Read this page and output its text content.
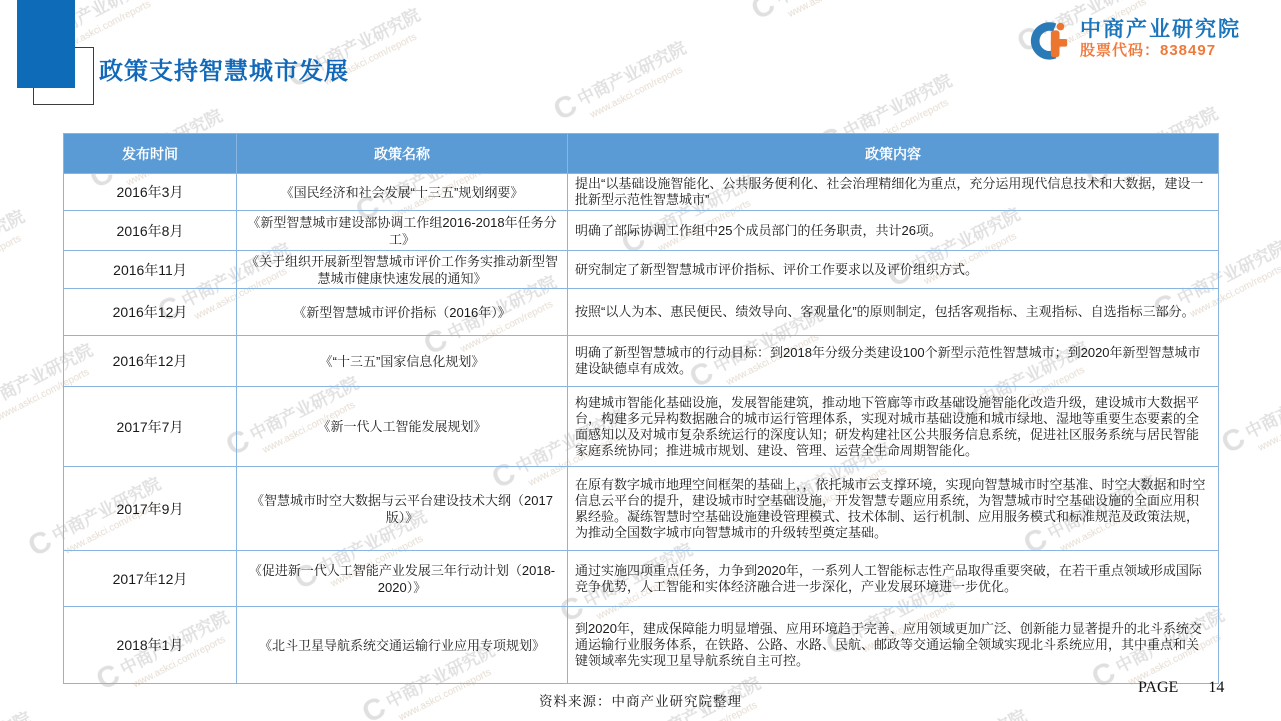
政策支持智慧城市发展
中商产业研究院
股票代码：838497
发布时间	政策名称	政策内容
2016年3月	《国民经济和社会发展“十三五”规划纲要》	提出“以基础设施智能化、公共服务便利化、社会治理精细化为重点，充分运用现代信息技术和大数据，建设一批新型示范性智慧城市”
2016年8月	《新型智慧城市建设部协调工作组2016-2018年任务分工》	明确了部际协调工作组中25个成员部门的任务职责，共计26项。
2016年11月	《关于组织开展新型智慧城市评价工作务实推动新型智慧城市健康快速发展的通知》	研究制定了新型智慧城市评价指标、评价工作要求以及评价组织方式。
2016年12月	《新型智慧城市评价指标（2016年）》	按照“以人为本、惠民便民、绩效导向、客观量化”的原则制定，包括客观指标、主观指标、自选指标三部分。
2016年12月	《“十三五”国家信息化规划》	明确了新型智慧城市的行动目标：到2018年分级分类建设100个新型示范性智慧城市；到2020年新型智慧城市建设缺德卓有成效。
2017年7月	《新一代人工智能发展规划》	构建城市智能化基础设施，发展智能建筑，推动地下管廊等市政基础设施智能化改造升级，建设城市大数据平台，构建多元异构数据融合的城市运行管理体系，实现对城市基础设施和城市绿地、湿地等重要生态要素的全面感知以及对城市复杂系统运行的深度认知；研发构建社区公共服务信息系统，促进社区服务系统与居民智能家庭系统协同；推进城市规划、建设、管理、运营全生命周期智能化。
2017年9月	《智慧城市时空大数据与云平台建设技术大纲（2017版）》	在原有数字城市地理空间框架的基础上，，依托城市云支撑环境，实现向智慧城市时空基准、时空大数据和时空信息云平台的提升，建设城市时空基础设施，开发智慧专题应用系统，为智慧城市时空基础设施的全面应用积累经验。凝练智慧时空基础设施建设管理模式、技术体制、运行机制、应用服务模式和标准规范及政策法规，为推动全国数字城市向智慧城市的升级转型奠定基础。
2017年12月	《促进新一代人工智能产业发展三年行动计划（2018-2020）》	通过实施四项重点任务，力争到2020年，一系列人工智能标志性产品取得重要突破，在若干重点领域形成国际竞争优势，人工智能和实体经济融合进一步深化，产业发展环境进一步优化。
2018年1月	《北斗卫星导航系统交通运输行业应用专项规划》	到2020年，建成保障能力明显增强、应用环境趋于完善、应用领域更加广泛、创新能力显著提升的北斗系统交通运输行业服务体系，在铁路、公路、水路、民航、邮政等交通运输全领域实现北斗系统应用，其中重点和关键领域率先实现卫星导航系统自主可控。
资料来源：中商产业研究院整理
PAGE 14
